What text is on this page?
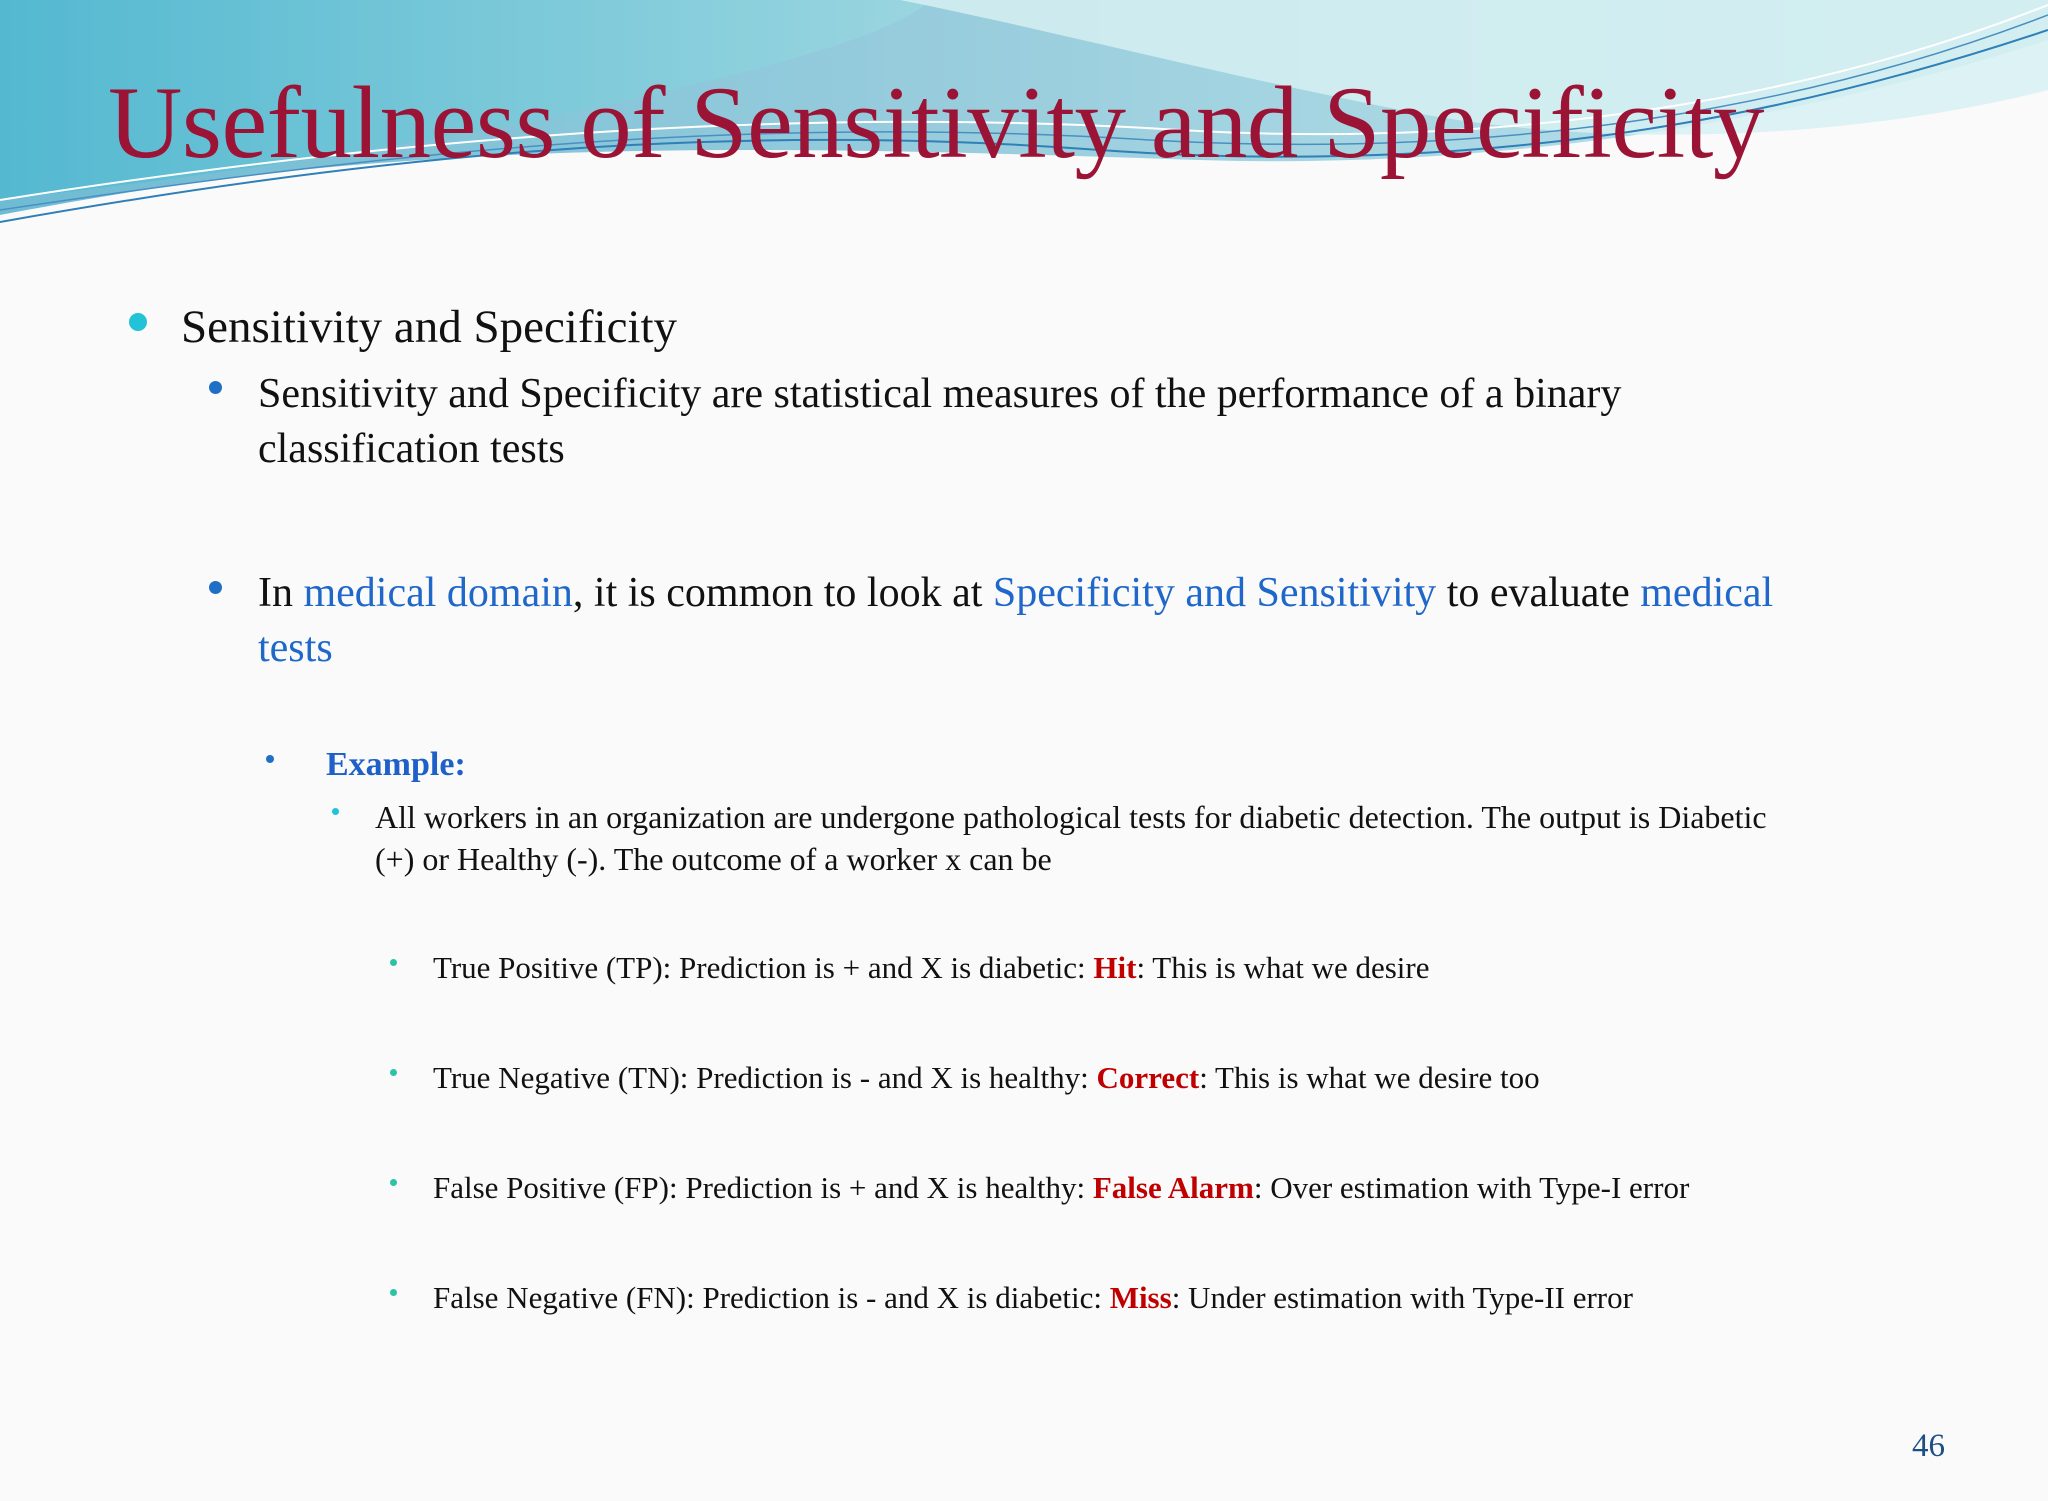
Usefulness of Sensitivity and Specificity
Sensitivity and Specificity
Sensitivity and Specificity are statistical measures of the performance of a binary
classification tests
In medical domain, it is common to look at Specificity and Sensitivity to evaluate medical
tests
Example:
All workers in an organization are undergone pathological tests for diabetic detection. The output is Diabetic
(+) or Healthy (-). The outcome of a worker x can be
True Positive (TP): Prediction is + and X is diabetic: Hit: This is what we desire
True Negative (TN): Prediction is - and X is healthy: Correct: This is what we desire too
False Positive (FP): Prediction is + and X is healthy: False Alarm: Over estimation with Type-I error
False Negative (FN): Prediction is - and X is diabetic: Miss: Under estimation with Type-II error
46
